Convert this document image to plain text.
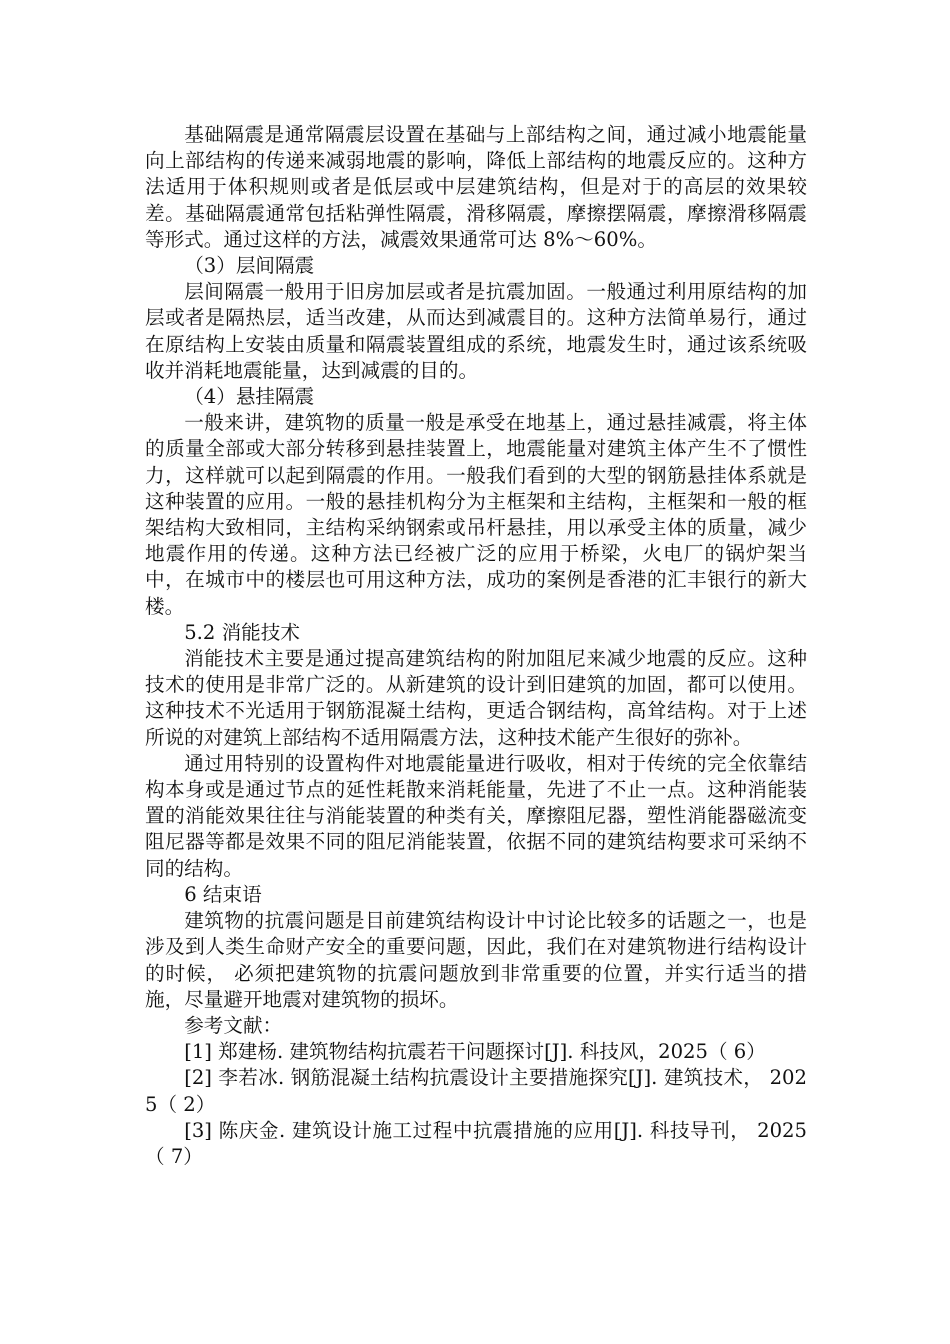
基础隔震是通常隔震层设置在基础与上部结构之间，通过减小地震能量向上部结构的传递来减弱地震的影响，降低上部结构的地震反应的。这种方法适用于体积规则或者是低层或中层建筑结构，但是对于的高层的效果较差。基础隔震通常包括粘弹性隔震，滑移隔震，摩擦摆隔震，摩擦滑移隔震等形式。通过这样的方法，减震效果通常可达 8%～60%。

（3）层间隔震

层间隔震一般用于旧房加层或者是抗震加固。一般通过利用原结构的加层或者是隔热层，适当改建，从而达到减震目的。这种方法简单易行，通过在原结构上安装由质量和隔震装置组成的系统，地震发生时，通过该系统吸收并消耗地震能量，达到减震的目的。

（4）悬挂隔震

一般来讲，建筑物的质量一般是承受在地基上，通过悬挂减震，将主体的质量全部或大部分转移到悬挂装置上，地震能量对建筑主体产生不了惯性力，这样就可以起到隔震的作用。一般我们看到的大型的钢筋悬挂体系就是这种装置的应用。一般的悬挂机构分为主框架和主结构，主框架和一般的框架结构大致相同，主结构采纳钢索或吊杆悬挂，用以承受主体的质量，减少地震作用的传递。这种方法已经被广泛的应用于桥梁，火电厂的锅炉架当中，在城市中的楼层也可用这种方法，成功的案例是香港的汇丰银行的新大楼。

5.2 消能技术

消能技术主要是通过提高建筑结构的附加阻尼来减少地震的反应。这种技术的使用是非常广泛的。从新建筑的设计到旧建筑的加固，都可以使用。这种技术不光适用于钢筋混凝土结构，更适合钢结构，高耸结构。对于上述所说的对建筑上部结构不适用隔震方法，这种技术能产生很好的弥补。

通过用特别的设置构件对地震能量进行吸收，相对于传统的完全依靠结构本身或是通过节点的延性耗散来消耗能量，先进了不止一点。这种消能装置的消能效果往往与消能装置的种类有关，摩擦阻尼器，塑性消能器磁流变阻尼器等都是效果不同的阻尼消能装置，依据不同的建筑结构要求可采纳不同的结构。

6 结束语

建筑物的抗震问题是目前建筑结构设计中讨论比较多的话题之一，也是涉及到人类生命财产安全的重要问题，因此，我们在对建筑物进行结构设计的时候， 必须把建筑物的抗震问题放到非常重要的位置，并实行适当的措施，尽量避开地震对建筑物的损坏。

参考文献：

[1] 郑建杨. 建筑物结构抗震若干问题探讨[J]. 科技风，2025（ 6）

[2] 李若冰. 钢筋混凝土结构抗震设计主要措施探究[J]. 建筑技术， 2025（ 2）

[3] 陈庆金. 建筑设计施工过程中抗震措施的应用[J]. 科技导刊， 2025（ 7）
